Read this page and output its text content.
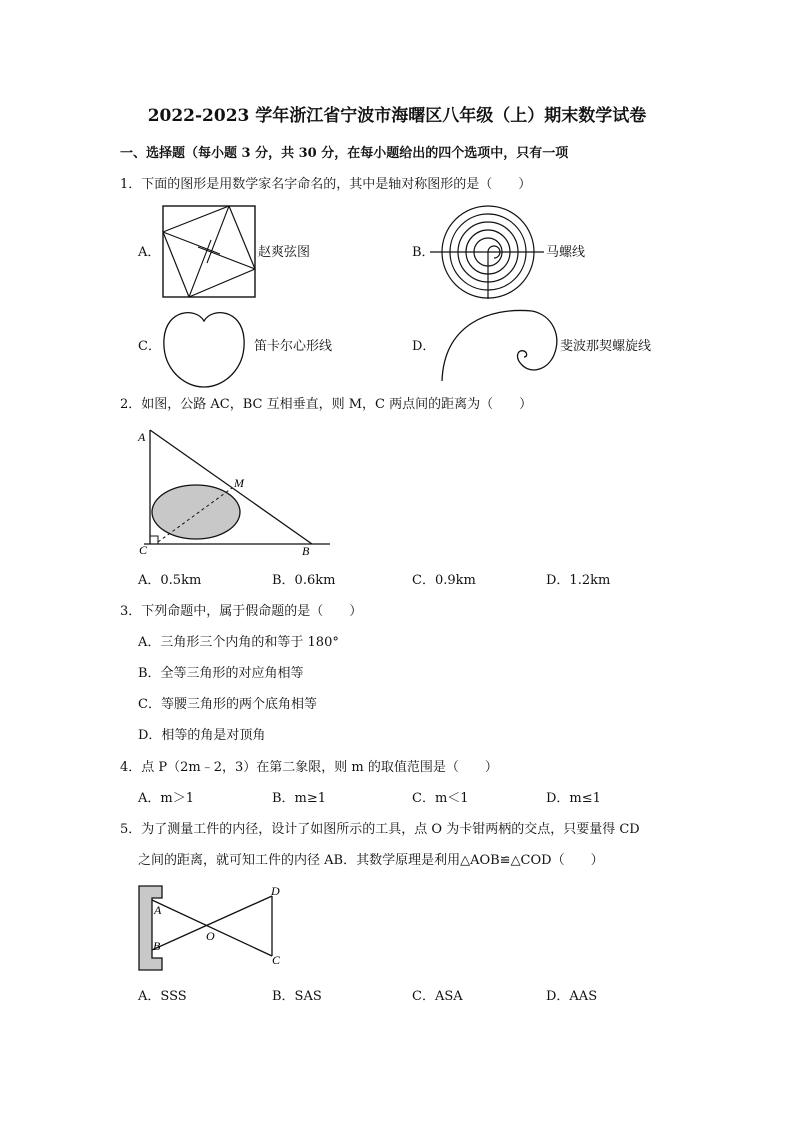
2022-2023 学年浙江省宁波市海曙区八年级（上）期末数学试卷
一、选择题（每小题 3 分，共 30 分，在每小题给出的四个选项中，只有一项
1．下面的图形是用数学家名字命名的，其中是轴对称图形的是（　　）
A．	赵爽弦图	B．	马螺线
C．	笛卡尔心形线	D．	斐波那契螺旋线
2．如图，公路 AC，BC 互相垂直，则 M，C 两点间的距离为（　　）
A
M
C	B
A．0.5km	B．0.6km	C．0.9km	D．1.2km
3．下列命题中，属于假命题的是（　　）
A．三角形三个内角的和等于 180°
B．全等三角形的对应角相等
C．等腰三角形的两个底角相等
D．相等的角是对顶角
4．点 P（2m﹣2，3）在第二象限，则 m 的取值范围是（　　）
A．m＞1	B．m≥1	C．m＜1	D．m≤1
5．为了测量工件的内径，设计了如图所示的工具，点 O 为卡钳两柄的交点，只要量得 CD
之间的距离，就可知工件的内径 AB．其数学原理是利用△AOB≌△COD（　　）
A
B
O
C
D
A．SSS	B．SAS	C．ASA	D．AAS
